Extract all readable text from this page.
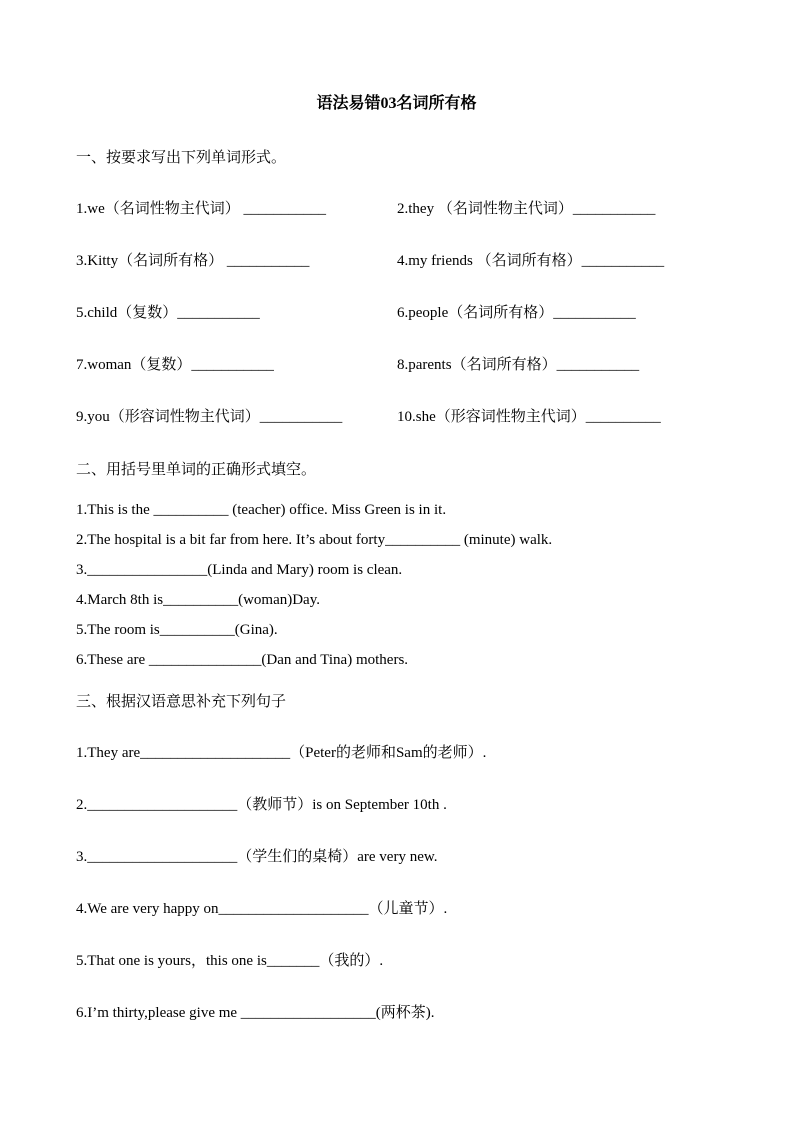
语法易错03名词所有格
一、按要求写出下列单词形式。
1.we（名词性物主代词） ___________	2.they （名词性物主代词）___________
3.Kitty（名词所有格） ___________	4.my friends （名词所有格）___________
5.child（复数）___________	6.people（名词所有格）___________
7.woman（复数）___________	8.parents（名词所有格）___________
9.you（形容词性物主代词）___________	10.she（形容词性物主代词）__________
二、用括号里单词的正确形式填空。
1.This is the __________ (teacher) office. Miss Green is in it.
2.The hospital is a bit far from here. It’s about forty__________ (minute) walk.
3.________________(Linda and Mary) room is clean.
4.March 8th is__________(woman)Day.
5.The room is__________(Gina).
6.These are _______________(Dan and Tina) mothers.
三、根据汉语意思补充下列句子
1.They are____________________（Peter的老师和Sam的老师）.
2.____________________（教师节）is on September 10th .
3.____________________（学生们的桌椅）are very new.
4.We are very happy on____________________（儿童节）.
5.That one is yours，this one is_______（我的）.
6.I’m thirty,please give me __________________(两杯茶).
